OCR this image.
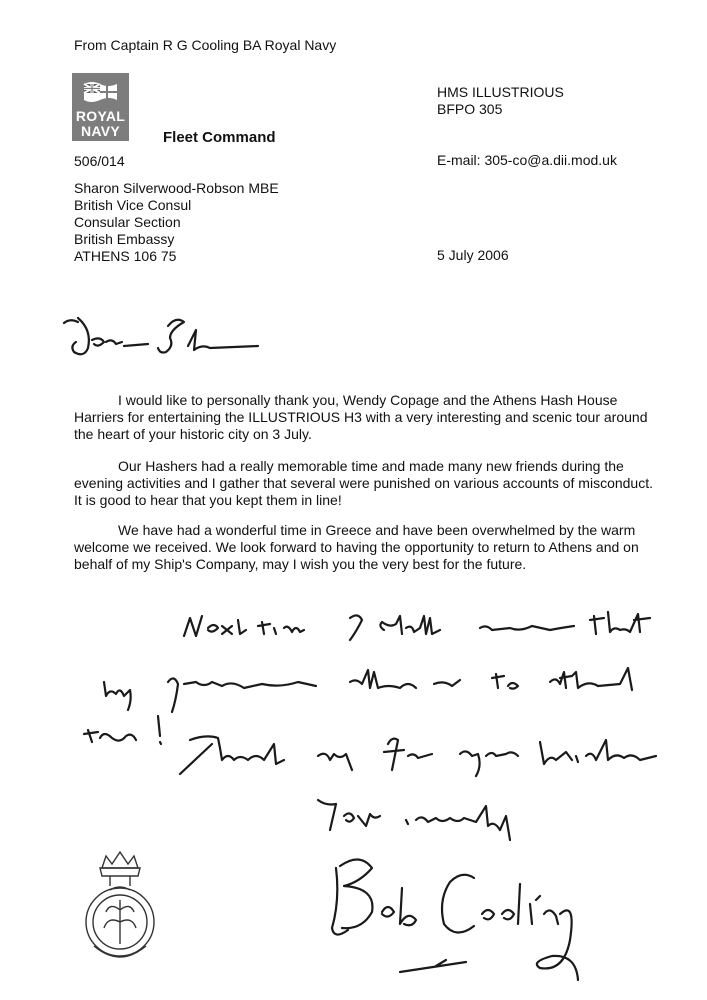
From Captain R G Cooling BA Royal Navy
ROYAL
NAVY	Fleet Command
506/014
HMS ILLUSTRIOUS
BFPO 305
E-mail: 305-co@a.dii.mod.uk
Sharon Silverwood-Robson MBE
British Vice Consul
Consular Section
British Embassy
ATHENS 106 75	5 July 2006
I would like to personally thank you, Wendy Copage and the Athens Hash House Harriers for entertaining the ILLUSTRIOUS H3 with a very interesting and scenic tour around the heart of your historic city on 3 July.
Our Hashers had a really memorable time and made many new friends during the evening activities and I gather that several were punished on various accounts of misconduct. It is good to hear that you kept them in line!
We have had a wonderful time in Greece and have been overwhelmed by the warm welcome we received. We look forward to having the opportunity to return to Athens and on behalf of my Ship's Company, may I wish you the very best for the future.
